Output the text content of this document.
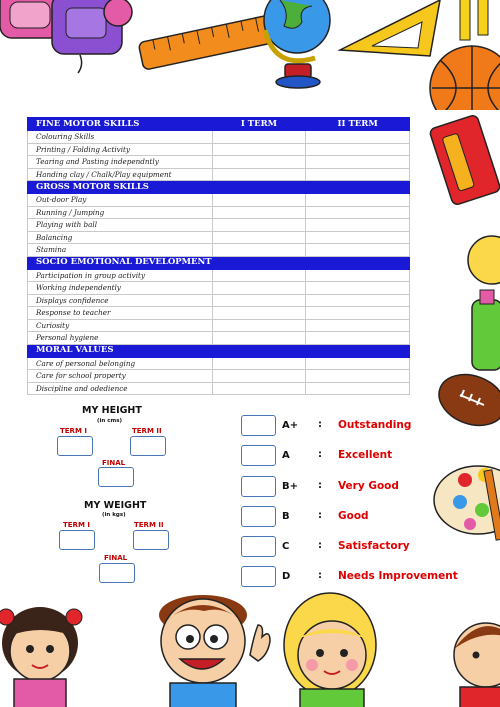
FINE MOTOR SKILLS	I TERM	II TERM
Colouring Skills		
Printing / Folding Activity		
Tearing and Pasting independntly		
Handing clay / Chalk/Play equipment		
GROSS MOTOR SKILLS		
Out-door Play		
Running / Jumping		
Playing with ball		
Balancing		
Stamina		
SOCIO EMOTIONAL DEVELOPMENT		
Participation in group activity		
Working independently		
Displays confidence		
Response to teacher		
Curiosity		
Personal hygiene		
MORAL VALUES		
Care of personal belonging		
Care for school property		
Discipline and odedience		
MY HEIGHT
(in cms)
TERM I	TERM II
FINAL
MY WEIGHT
(in kgs)
TERM I	TERM II
FINAL
A+ : Outstanding
A	: Excellent
B+ : Very Good
B	: Good
C	: Satisfactory
D	: Needs Improvement
